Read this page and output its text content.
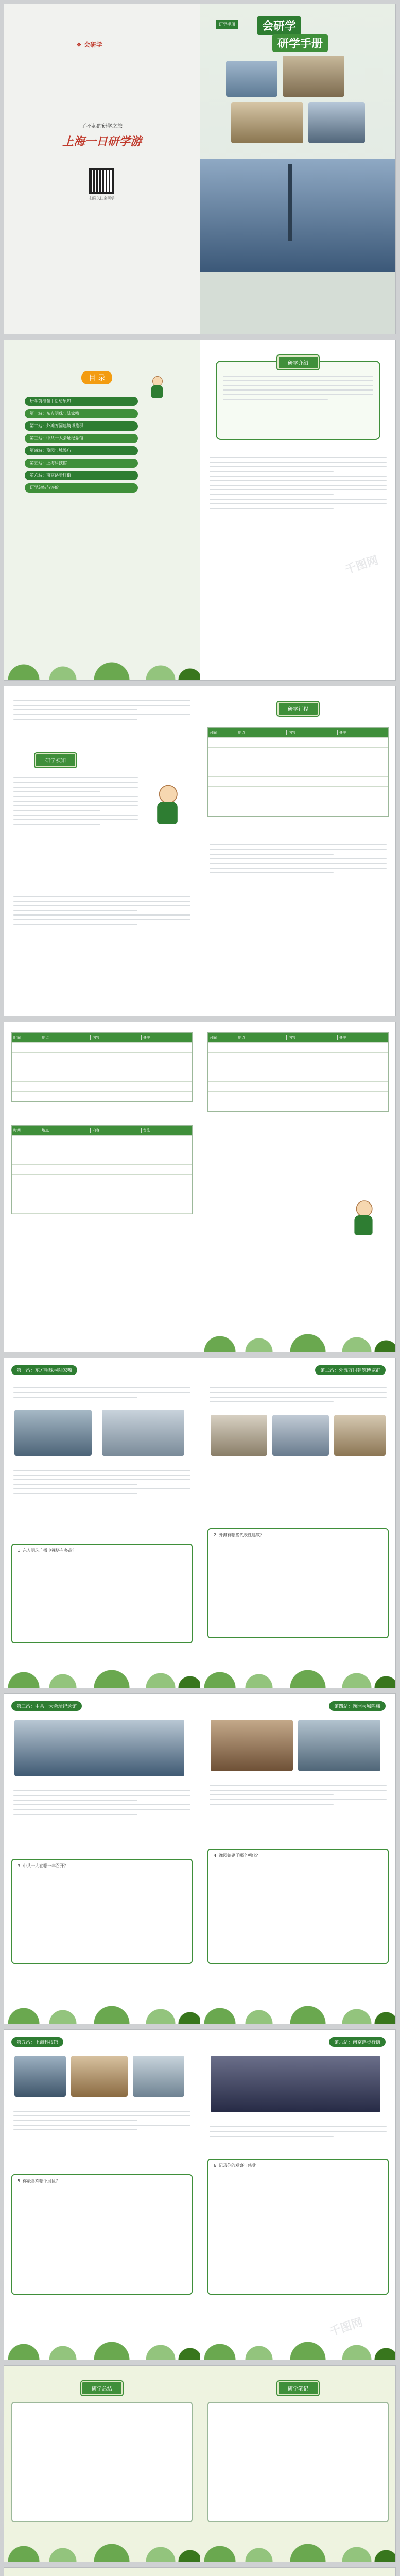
❖ 会研学
了不起的研学之旅
上海一日研学游
扫码关注会研学
研学手册	会研学
研学手册
目 录
研学前准备 | 活动须知
第一站：东方明珠与陆家嘴
第二站：外滩万国建筑博览群
第三站：中共一大会址纪念馆
第四站：豫园与城隍庙
第五站：上海科技馆
第六站：南京路步行街
研学总结与评价
研学介绍
千图网
研学须知
研学行程
时间	地点	内容	备注
时间	地点	内容	备注
时间	地点	内容	备注
时间	地点	内容	备注
第一站：东方明珠与陆家嘴
1. 东方明珠广播电视塔有多高？
第二站：外滩万国建筑博览群
2. 外滩有哪些代表性建筑？
第三站：中共一大会址纪念馆
3. 中共一大在哪一年召开？
第四站：豫园与城隍庙
4. 豫园始建于哪个朝代？
第五站：上海科技馆
5. 你最喜欢哪个展区？
第六站：南京路步行街
6. 记录你的观察与感受
千图网
研学总结	研学笔记
